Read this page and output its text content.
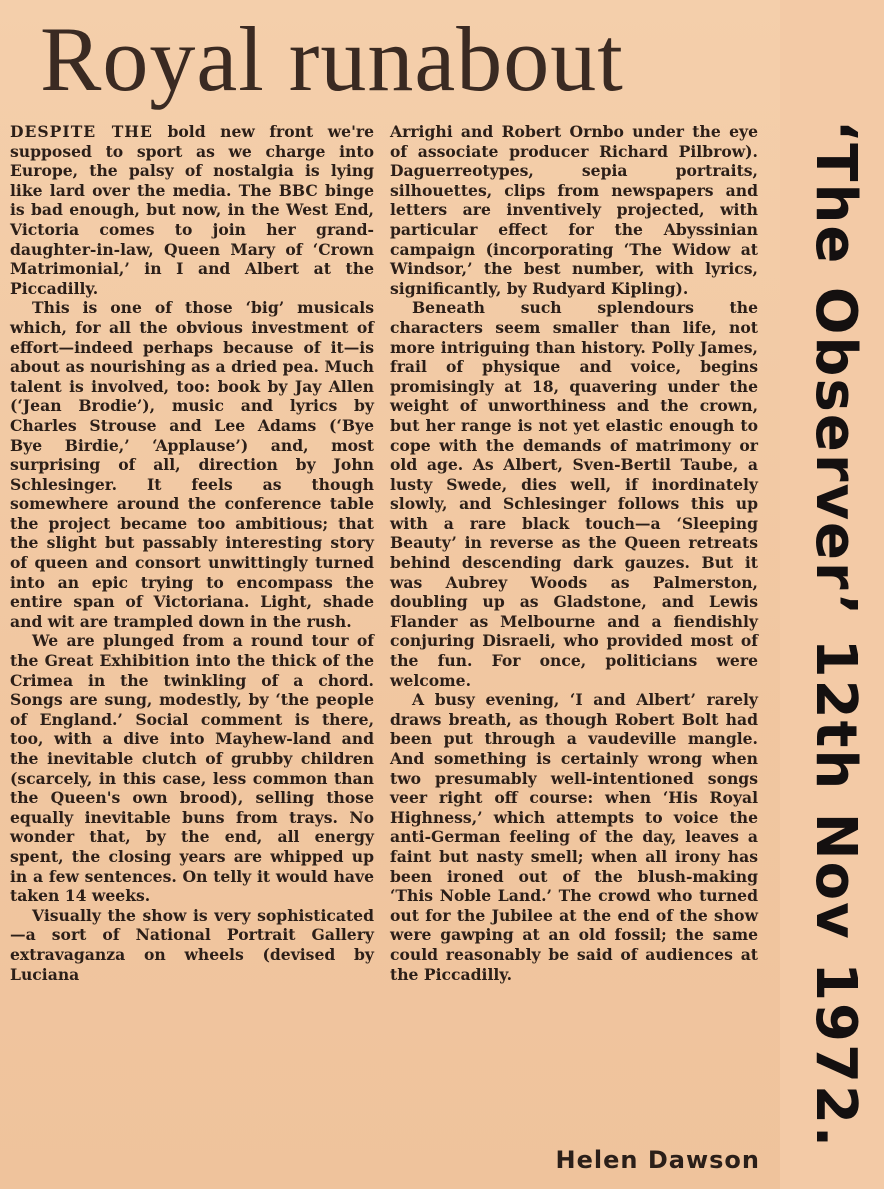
Royal runabout

DESPITE THE bold new front we're supposed to sport as we charge into Europe, the palsy of nostalgia is lying like lard over the media. The BBC binge is bad enough, but now, in the West End, Victoria comes to join her grand-daughter-in-law, Queen Mary of ‘Crown Matrimonial,’ in I and Albert at the Piccadilly.

This is one of those ‘big’ musicals which, for all the obvious investment of effort—indeed perhaps because of it—is about as nourishing as a dried pea. Much talent is involved, too: book by Jay Allen (‘Jean Brodie’), music and lyrics by Charles Strouse and Lee Adams (‘Bye Bye Birdie,’ ‘Applause’) and, most surprising of all, direction by John Schlesinger. It feels as though somewhere around the conference table the project became too ambitious; that the slight but passably interesting story of queen and consort unwittingly turned into an epic trying to encompass the entire span of Victoriana. Light, shade and wit are trampled down in the rush.

We are plunged from a round tour of the Great Exhibition into the thick of the Crimea in the twinkling of a chord. Songs are sung, modestly, by ‘the people of England.’ Social comment is there, too, with a dive into Mayhew-land and the inevitable clutch of grubby children (scarcely, in this case, less common than the Queen's own brood), selling those equally inevitable buns from trays. No wonder that, by the end, all energy spent, the closing years are whipped up in a few sentences. On telly it would have taken 14 weeks.

Visually the show is very sophisticated—a sort of National Portrait Gallery extravaganza on wheels (devised by Luciana

Arrighi and Robert Ornbo under the eye of associate producer Richard Pilbrow). Daguerreotypes, sepia portraits, silhouettes, clips from newspapers and letters are inventively projected, with particular effect for the Abyssinian campaign (incorporating ‘The Widow at Windsor,’ the best number, with lyrics, significantly, by Rudyard Kipling).

Beneath such splendours the characters seem smaller than life, not more intriguing than history. Polly James, frail of physique and voice, begins promisingly at 18, quavering under the weight of unworthiness and the crown, but her range is not yet elastic enough to cope with the demands of matrimony or old age. As Albert, Sven-Bertil Taube, a lusty Swede, dies well, if inordinately slowly, and Schlesinger follows this up with a rare black touch—a ‘Sleeping Beauty’ in reverse as the Queen retreats behind descending dark gauzes. But it was Aubrey Woods as Palmerston, doubling up as Gladstone, and Lewis Flander as Melbourne and a fiendishly conjuring Disraeli, who provided most of the fun. For once, politicians were welcome.

A busy evening, ‘I and Albert’ rarely draws breath, as though Robert Bolt had been put through a vaudeville mangle. And something is certainly wrong when two presumably well-intentioned songs veer right off course: when ‘His Royal Highness,’ which attempts to voice the anti-German feeling of the day, leaves a faint but nasty smell; when all irony has been ironed out of the blush-making ‘This Noble Land.’ The crowd who turned out for the Jubilee at the end of the show were gawping at an old fossil; the same could reasonably be said of audiences at the Piccadilly.

Helen Dawson
‘The Observer’ 12th Nov 1972.
